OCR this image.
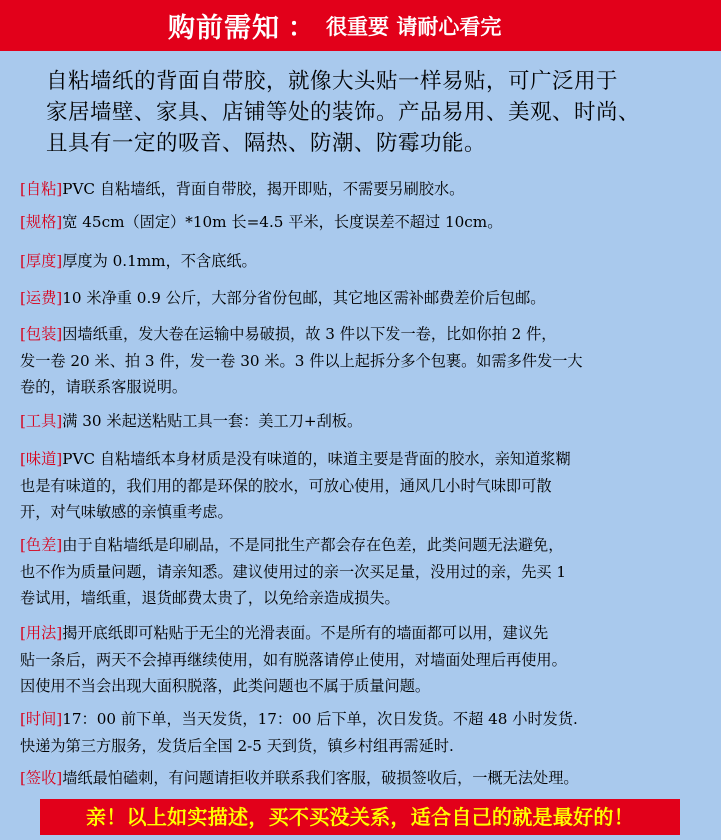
购前需知 ： 很重要 请耐心看完

自粘墙纸的背面自带胶，就像大头贴一样易贴，可广泛用于

家居墙壁、家具、店铺等处的装饰。产品易用、美观、时尚、

且具有一定的吸音、隔热、防潮、防霉功能。

[自粘]PVC 自粘墙纸，背面自带胶，揭开即贴，不需要另刷胶水。

[规格]宽 45cm（固定）*10m 长=4.5 平米，长度误差不超过 10cm。

[厚度]厚度为 0.1mm，不含底纸。

[运费]10 米净重 0.9 公斤，大部分省份包邮，其它地区需补邮费差价后包邮。

[包装]因墙纸重，发大卷在运输中易破损，故 3 件以下发一卷，比如你拍 2 件，

发一卷 20 米、拍 3 件，发一卷 30 米。3 件以上起拆分多个包裹。如需多件发一大

卷的，请联系客服说明。

[工具]满 30 米起送粘贴工具一套：美工刀+刮板。

[味道]PVC 自粘墙纸本身材质是没有味道的，味道主要是背面的胶水，亲知道浆糊

也是有味道的，我们用的都是环保的胶水，可放心使用，通风几小时气味即可散

开，对气味敏感的亲慎重考虑。

[色差]由于自粘墙纸是印刷品，不是同批生产都会存在色差，此类问题无法避免，

也不作为质量问题，请亲知悉。建议使用过的亲一次买足量，没用过的亲，先买 1

卷试用，墙纸重，退货邮费太贵了，以免给亲造成损失。

[用法]揭开底纸即可粘贴于无尘的光滑表面。不是所有的墙面都可以用，建议先

贴一条后，两天不会掉再继续使用，如有脱落请停止使用，对墙面处理后再使用。

因使用不当会出现大面积脱落，此类问题也不属于质量问题。

[时间]17：00 前下单，当天发货，17：00 后下单，次日发货。不超 48 小时发货.

快递为第三方服务，发货后全国 2-5 天到货，镇乡村组再需延时.

[签收]墙纸最怕磕刺，有问题请拒收并联系我们客服，破损签收后，一概无法处理。

亲！以上如实描述，买不买没关系，适合自己的就是最好的！
